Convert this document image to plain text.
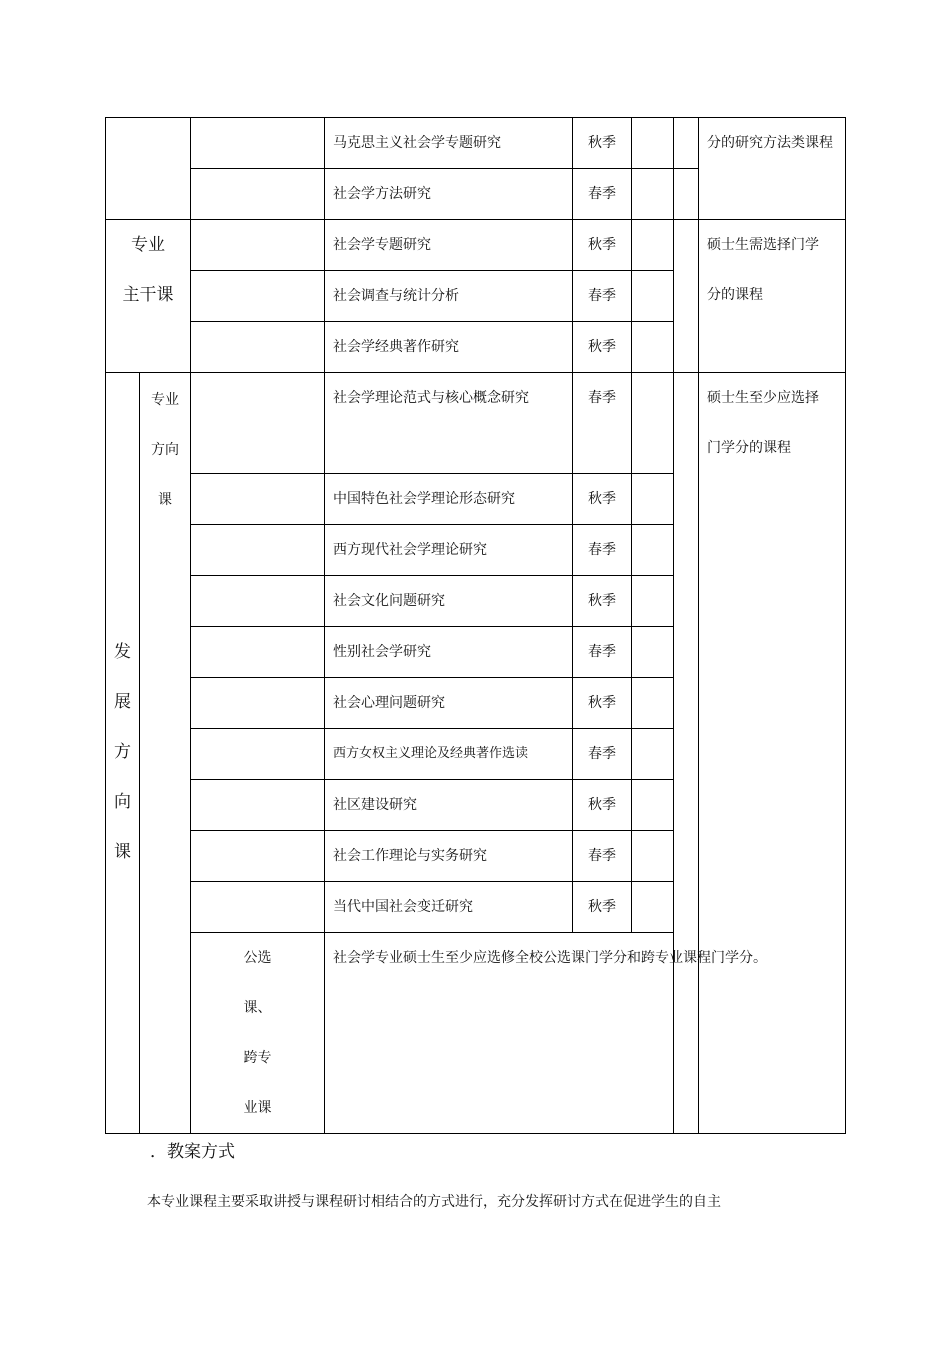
			马克思主义社会学专题研究	秋季			分的研究方法类课程

			社会学方法研究	春季			

专业
主干课			社会学专题研究	秋季			硕士生需选择门学分的课程

			社会调查与统计分析	春季			

			社会学经典著作研究	秋季			

发展方向课	专业方向课		社会学理论范式与核心概念研究	春季			硕士生至少应选择门学分的课程

			中国特色社会学理论形态研究	秋季			

			西方现代社会学理论研究	春季			

			社会文化问题研究	秋季			

			性别社会学研究	春季			

			社会心理问题研究	秋季			

			西方女权主义理论及经典著作选读	春季			

			社区建设研究	秋季			

			社会工作理论与实务研究	春季			

			当代中国社会变迁研究	秋季			

		公选课、跨专业课	社会学专业硕士生至少应选修全校公选课门学分和跨专业课程门学分。				
．教案方式
本专业课程主要采取讲授与课程研讨相结合的方式进行，充分发挥研讨方式在促进学生的自主
